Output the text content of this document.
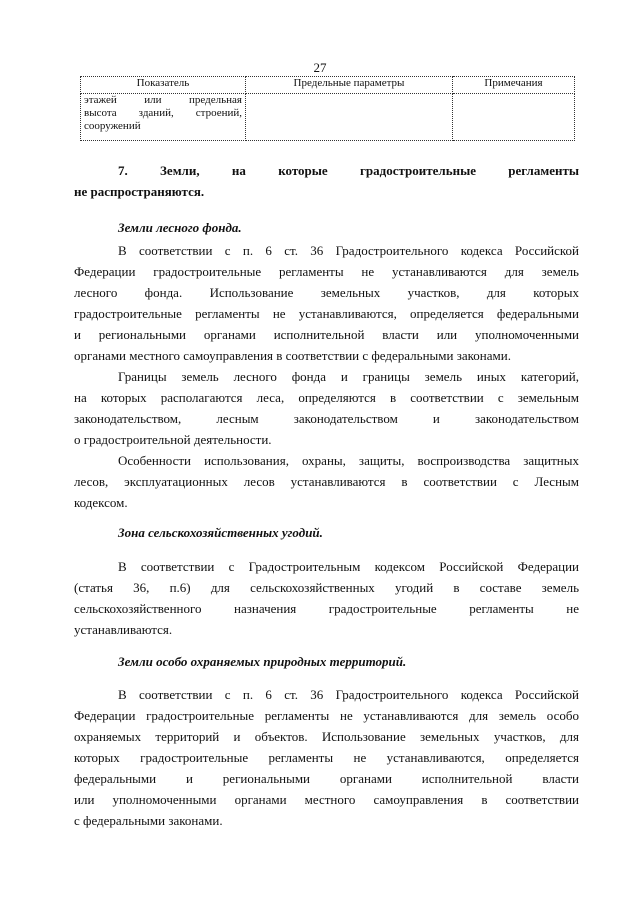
27
Показатель	Предельные параметры	Примечания

этажей или предельная
высота зданий, строений,
сооружений		

7. Земли, на которые градостроительные регламенты
не распространяются.
Земли лесного фонда.
В соответствии с п. 6 ст. 36 Градостроительного кодекса Российской
Федерации градостроительные регламенты не устанавливаются для земель
лесного фонда. Использование земельных участков, для которых
градостроительные регламенты не устанавливаются, определяется федеральными
и региональными органами исполнительной власти или уполномоченными
органами местного самоуправления в соответствии с федеральными законами.
Границы земель лесного фонда и границы земель иных категорий,
на которых располагаются леса, определяются в соответствии с земельным
законодательством, лесным законодательством и законодательством
о градостроительной деятельности.
Особенности использования, охраны, защиты, воспроизводства защитных
лесов, эксплуатационных лесов устанавливаются в соответствии с Лесным
кодексом.
Зона сельскохозяйственных угодий.
В соответствии с Градостроительным кодексом Российской Федерации
(статья 36, п.6) для сельскохозяйственных угодий в составе земель
сельскохозяйственного назначения градостроительные регламенты не
устанавливаются.
Земли особо охраняемых природных территорий.
В соответствии с п. 6 ст. 36 Градостроительного кодекса Российской
Федерации градостроительные регламенты не устанавливаются для земель особо
охраняемых территорий и объектов. Использование земельных участков, для
которых градостроительные регламенты не устанавливаются, определяется
федеральными и региональными органами исполнительной власти
или уполномоченными органами местного самоуправления в соответствии
с федеральными законами.
